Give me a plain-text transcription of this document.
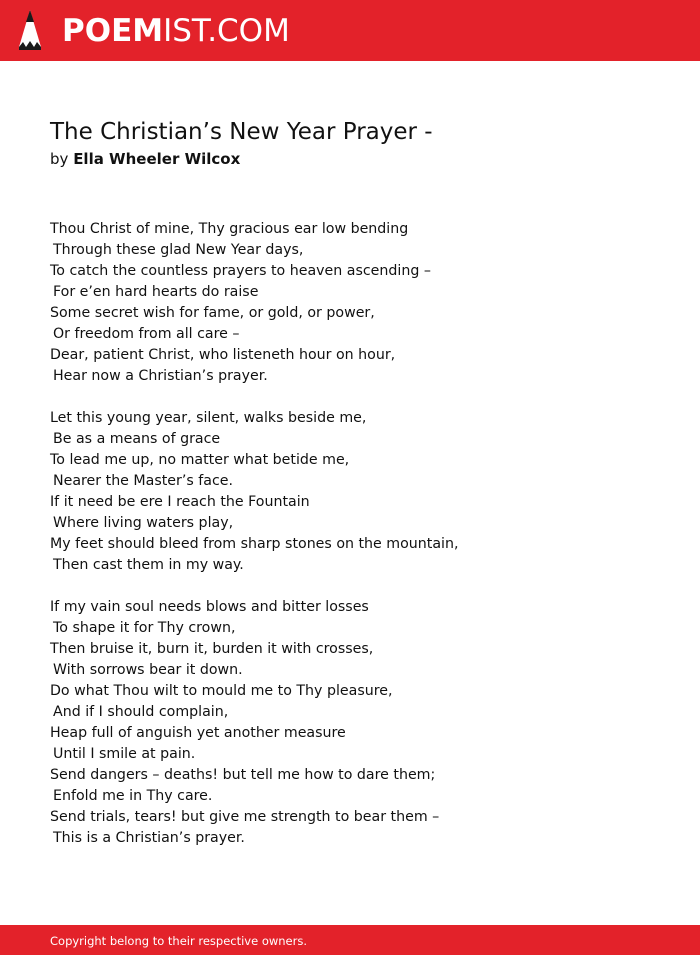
POEMIST.COM
The Christian’s New Year Prayer -
by Ella Wheeler Wilcox
Thou Christ of mine, Thy gracious ear low bending
Through these glad New Year days,
To catch the countless prayers to heaven ascending –
For e’en hard hearts do raise
Some secret wish for fame, or gold, or power,
Or freedom from all care –
Dear, patient Christ, who listeneth hour on hour,
Hear now a Christian’s prayer.
Let this young year, silent, walks beside me,
Be as a means of grace
To lead me up, no matter what betide me,
Nearer the Master’s face.
If it need be ere I reach the Fountain
Where living waters play,
My feet should bleed from sharp stones on the mountain,
Then cast them in my way.
If my vain soul needs blows and bitter losses
To shape it for Thy crown,
Then bruise it, burn it, burden it with crosses,
With sorrows bear it down.
Do what Thou wilt to mould me to Thy pleasure,
And if I should complain,
Heap full of anguish yet another measure
Until I smile at pain.
Send dangers – deaths! but tell me how to dare them;
Enfold me in Thy care.
Send trials, tears! but give me strength to bear them –
This is a Christian’s prayer.
Copyright belong to their respective owners.
